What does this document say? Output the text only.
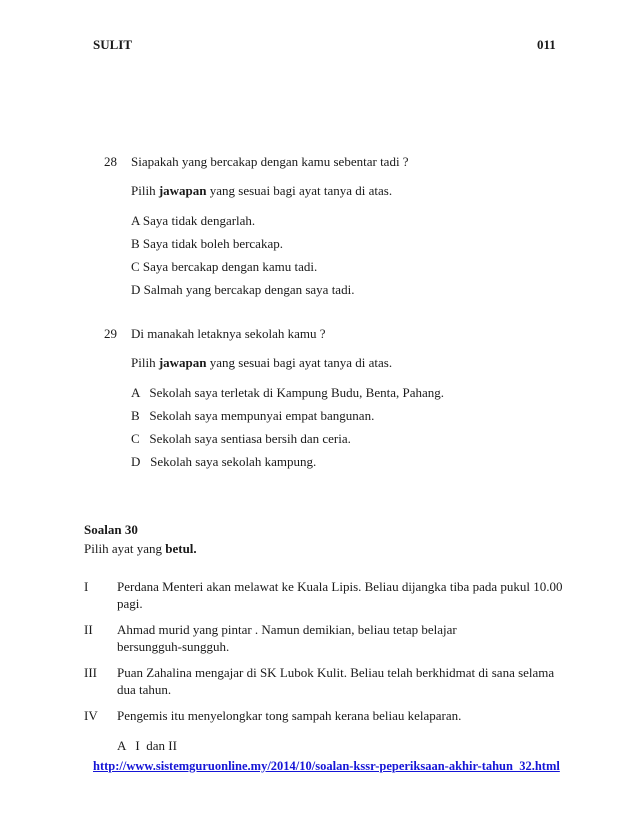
SULIT	011
28 Siapakah yang bercakap dengan kamu sebentar tadi ?
Pilih jawapan yang sesuai bagi ayat tanya di atas.
A Saya tidak dengarlah.
B Saya tidak boleh bercakap.
C Saya bercakap dengan kamu tadi.
D Salmah yang bercakap dengan saya tadi.
29 Di manakah letaknya sekolah kamu ?
Pilih jawapan yang sesuai bagi ayat tanya di atas.
A   Sekolah saya terletak di Kampung Budu, Benta, Pahang.
B   Sekolah saya mempunyai empat bangunan.
C   Sekolah saya sentiasa bersih dan ceria.
D   Sekolah saya sekolah kampung.
Soalan 30
Pilih ayat yang betul.
I Perdana Menteri akan melawat ke Kuala Lipis. Beliau dijangka tiba pada pukul 10.00 pagi.
II Ahmad murid yang pintar . Namun demikian, beliau tetap belajar bersungguh-sungguh.
III Puan Zahalina mengajar di SK Lubok Kulit. Beliau telah berkhidmat di sana selama dua tahun.
IV Pengemis itu menyelongkar tong sampah kerana beliau kelaparan.
A   I  dan II
http://www.sistemguruonline.my/2014/10/soalan-kssr-peperiksaan-akhir-tahun_32.html
